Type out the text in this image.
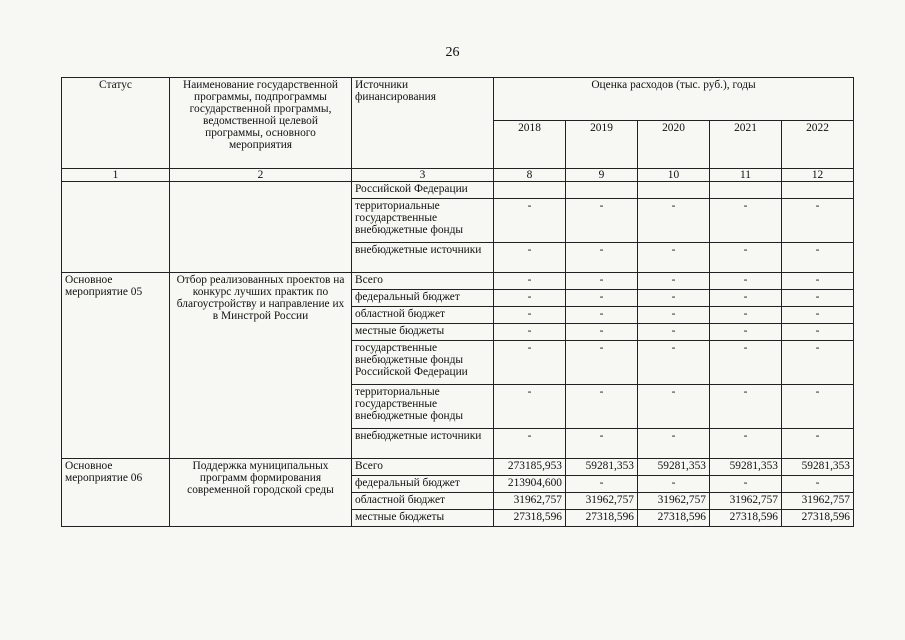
26
Статус	Наименование государственной программы, подпрограммы государственной программы, ведомственной целевой программы, основного мероприятия	Источники финансирования	Оценка расходов (тыс. руб.), годы				
			2018	2019	2020	2021	2022
1	2	3	8	9	10	11	12
		Российской Федерации					
		территориальные государственные внебюджетные фонды	-	-	-	-	-
		внебюджетные источники	-	-	-	-	-
Основное мероприятие 05	Отбор реализованных проектов на конкурс лучших практик по благоустройству и направление их в Минстрой России	Всего	-	-	-	-	-
		федеральный бюджет	-	-	-	-	-
		областной бюджет	-	-	-	-	-
		местные бюджеты	-	-	-	-	-
		государственные внебюджетные фонды Российской Федерации	-	-	-	-	-
		территориальные государственные внебюджетные фонды	-	-	-	-	-
		внебюджетные источники	-	-	-	-	-
Основное мероприятие 06	Поддержка муниципальных программ формирования современной городской среды	Всего	273185,953	59281,353	59281,353	59281,353	59281,353
		федеральный бюджет	213904,600	-	-	-	-
		областной бюджет	31962,757	31962,757	31962,757	31962,757	31962,757
		местные бюджеты	27318,596	27318,596	27318,596	27318,596	27318,596
